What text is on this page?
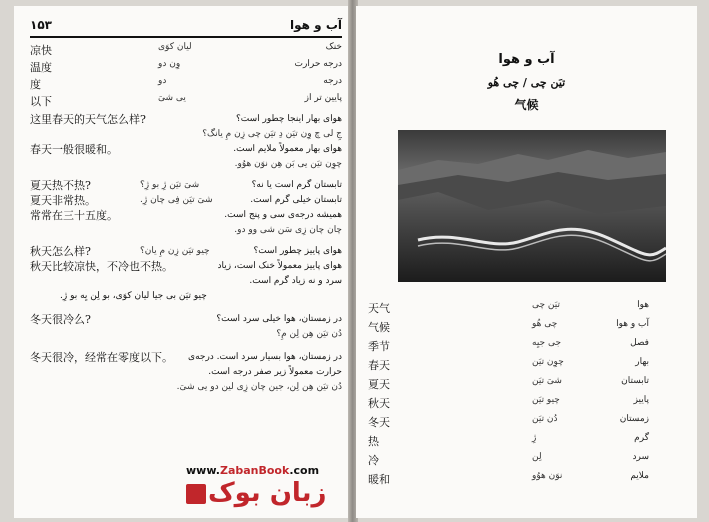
۱۵۳	آب و هوا
凉快	لیان کوَی	خنک
温度	وِن دو	درجه حرارت
度	دو	درجه
以下	یی شیَ	پایین تر از
这里春天的天气怎么样?	هوای بهار اینجا چطور است؟
جِ لی چ وِن تیَن دِ تیَن چی زِن مِ یانگ؟
春天一般很暖和。	هوای بهار معمولاً ملایم است.
چوِن تیَن یی بَن هِن نوَن هوُو.
夏天热不热?	شیَ تیَن ژِ بو ژِ؟	تابستان گرم است یا نه؟
夏天非常热。	شیَ تیَن فِی چان ژِ.	تابستان خیلی گرم است.
常常在三十五度。	همیشه درجه‌ی سی و پنج است.
چان چان زِی سَن شی وو دو.
秋天怎么样?	چیو تیَن زِن مِ یان؟	هوای پاییز چطور است؟
秋天比较凉快，不冷也不热。	هوای پاییز معمولاً خنک است، زیاد
سرد و نه زیاد گرم است.
چیو تیَن بی جیا لیان کوَی، بو لِن یِه بو ژِ.
冬天很冷么?	در زمستان، هوا خیلی سرد است؟
دُن تیَن هِن لِن مِ؟
冬天很冷，经常在零度以下。 در زمستان، هوا بسیار سرد است. درجه‌ی
حرارت معمولاً زیر صفر درجه است.
دُن تیَن هِن لِن، جین چان زِی لین دو یی شیَ.
www.ZabanBook.com
زبان بوک
آب و هوا
تیَن چی / چی هُو
气候
天气	تیَن چی	هوا
气候	چی هُو	آب و هوا
季节	جی جیِه	فصل
春天	چوِن تیَن	بهار
夏天	شیَ تیَن	تابستان
秋天	چیو تیَن	پاییز
冬天	دُن تیَن	زمستان
热	ژِ	گرم
冷	لِن	سرد
暖和	نوَن هوُو	ملایم
